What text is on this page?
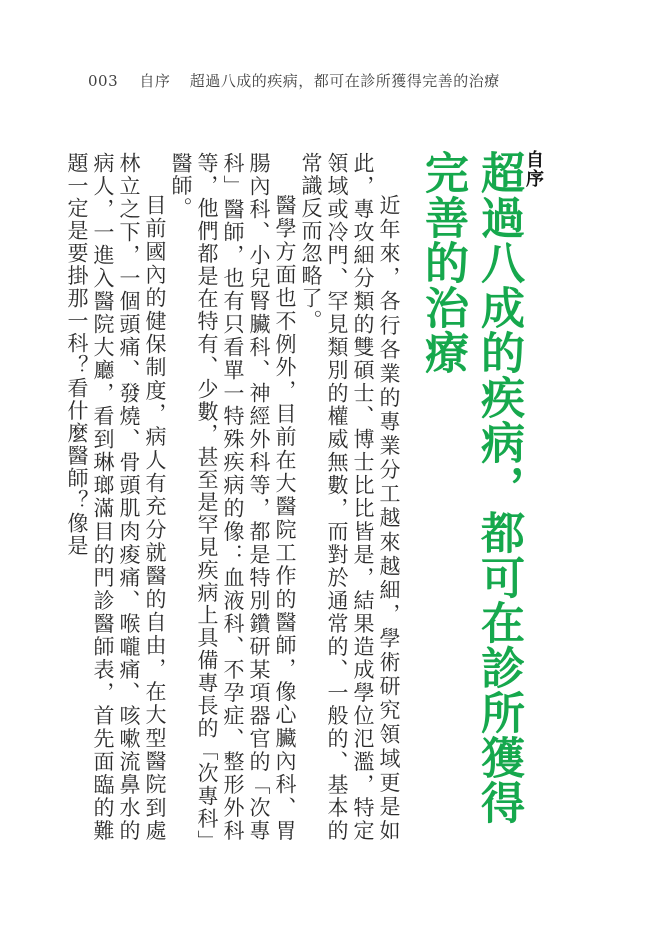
003 自序 超過八成的疾病，都可在診所獲得完善的治療
自序
超過八成的疾病，都可在診所獲得完善的治療

近年來，各行各業的專業分工越來越細，學術研究領域更是如此，專攻細分類的雙碩士、博士比比皆是，結果造成學位氾濫，特定領域或冷門、罕見類別的權威無數，而對於通常的、一般的、基本的常識反而忽略了。

醫學方面也不例外，目前在大醫院工作的醫師，像心臟內科、胃腸內科、小兒腎臟科、神經外科等，都是特別鑽研某項器官的「次專科」醫師，也有只看單一特殊疾病的像：血液科、不孕症、整形外科等，他們都是在特有、少數，甚至是罕見疾病上具備專長的「次專科」醫師。

目前國內的健保制度，病人有充分就醫的自由，在大型醫院到處林立之下，一個頭痛、發燒、骨頭肌肉痠痛、喉嚨痛、咳嗽流鼻水的病人，一進入醫院大廳，看到琳瑯滿目的門診醫師表，首先面臨的難題一定是要掛那一科？看什麼醫師？像是
